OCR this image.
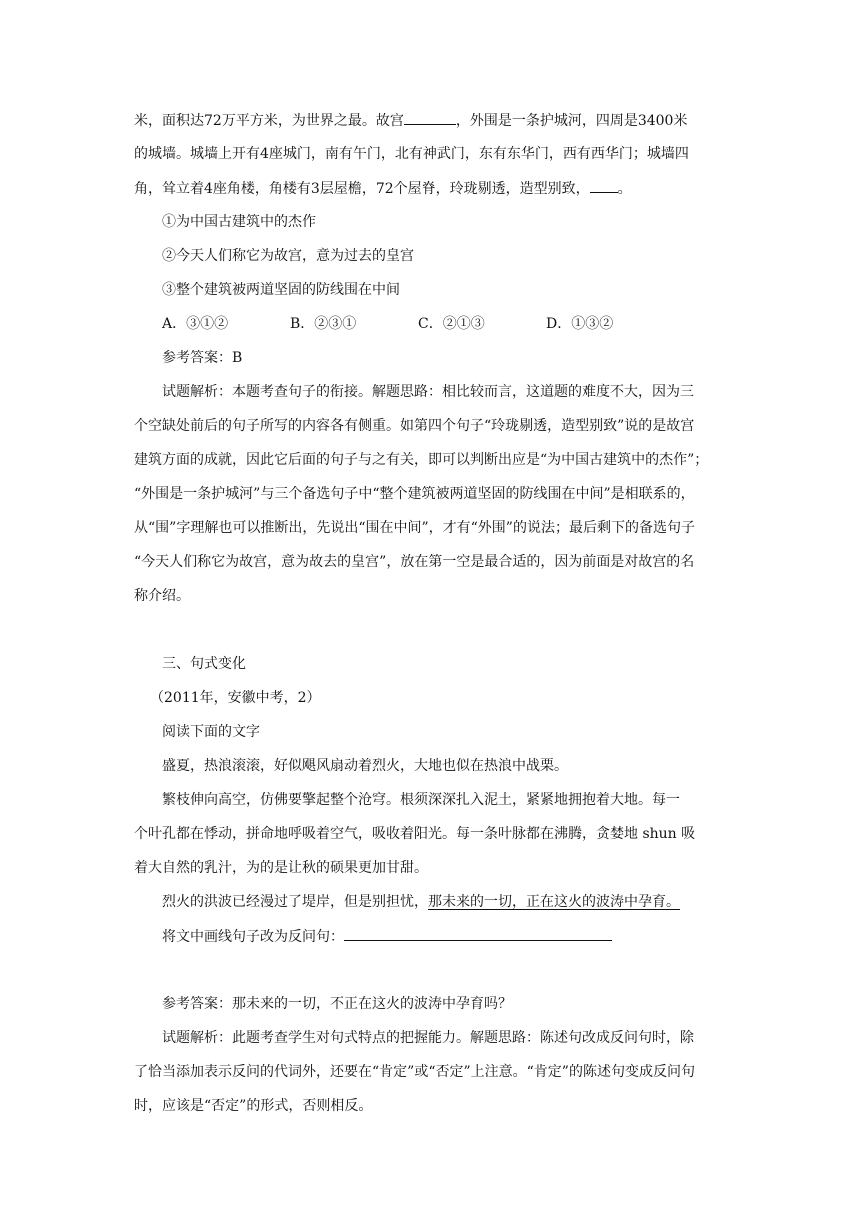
米，面积达72万平方米，为世界之最。故宫	，外围是一条护城河，四周是3400米
的城墙。城墙上开有4座城门，南有午门，北有神武门，东有东华门，西有西华门；城墙四
角，耸立着4座角楼，角楼有3层屋檐，72个屋脊，玲珑剔透，造型别致， 。
①为中国古建筑中的杰作
②今天人们称它为故宫，意为过去的皇宫
③整个建筑被两道坚固的防线围在中间
A．③①②	B．②③①	C．②①③	D．①③②
参考答案：B
试题解析：本题考查句子的衔接。解题思路：相比较而言，这道题的难度不大，因为三
个空缺处前后的句子所写的内容各有侧重。如第四个句子“玲珑剔透，造型别致”说的是故宫
建筑方面的成就，因此它后面的句子与之有关，即可以判断出应是“为中国古建筑中的杰作”；
“外围是一条护城河”与三个备选句子中“整个建筑被两道坚固的防线围在中间”是相联系的，
从“围”字理解也可以推断出，先说出“围在中间”，才有“外围”的说法；最后剩下的备选句子
“今天人们称它为故宫，意为故去的皇宫”，放在第一空是最合适的，因为前面是对故宫的名
称介绍。
三、句式变化
（2011年，安徽中考，2）
阅读下面的文字
盛夏，热浪滚滚，好似飓风扇动着烈火，大地也似在热浪中战栗。
繁枝伸向高空，仿佛要擎起整个沧穹。根须深深扎入泥土，紧紧地拥抱着大地。每一
个叶孔都在悸动，拼命地呼吸着空气，吸收着阳光。每一条叶脉都在沸腾，贪婪地 shun 吸
着大自然的乳汁，为的是让秋的硕果更加甘甜。
烈火的洪波已经漫过了堤岸，但是别担忧，那未来的一切，正在这火的波涛中孕育。
将文中画线句子改为反问句：
参考答案：那未来的一切，不正在这火的波涛中孕育吗？
试题解析：此题考查学生对句式特点的把握能力。解题思路：陈述句改成反问句时，除
了恰当添加表示反问的代词外，还要在“肯定”或“否定”上注意。“肯定”的陈述句变成反问句
时，应该是“否定”的形式，否则相反。
